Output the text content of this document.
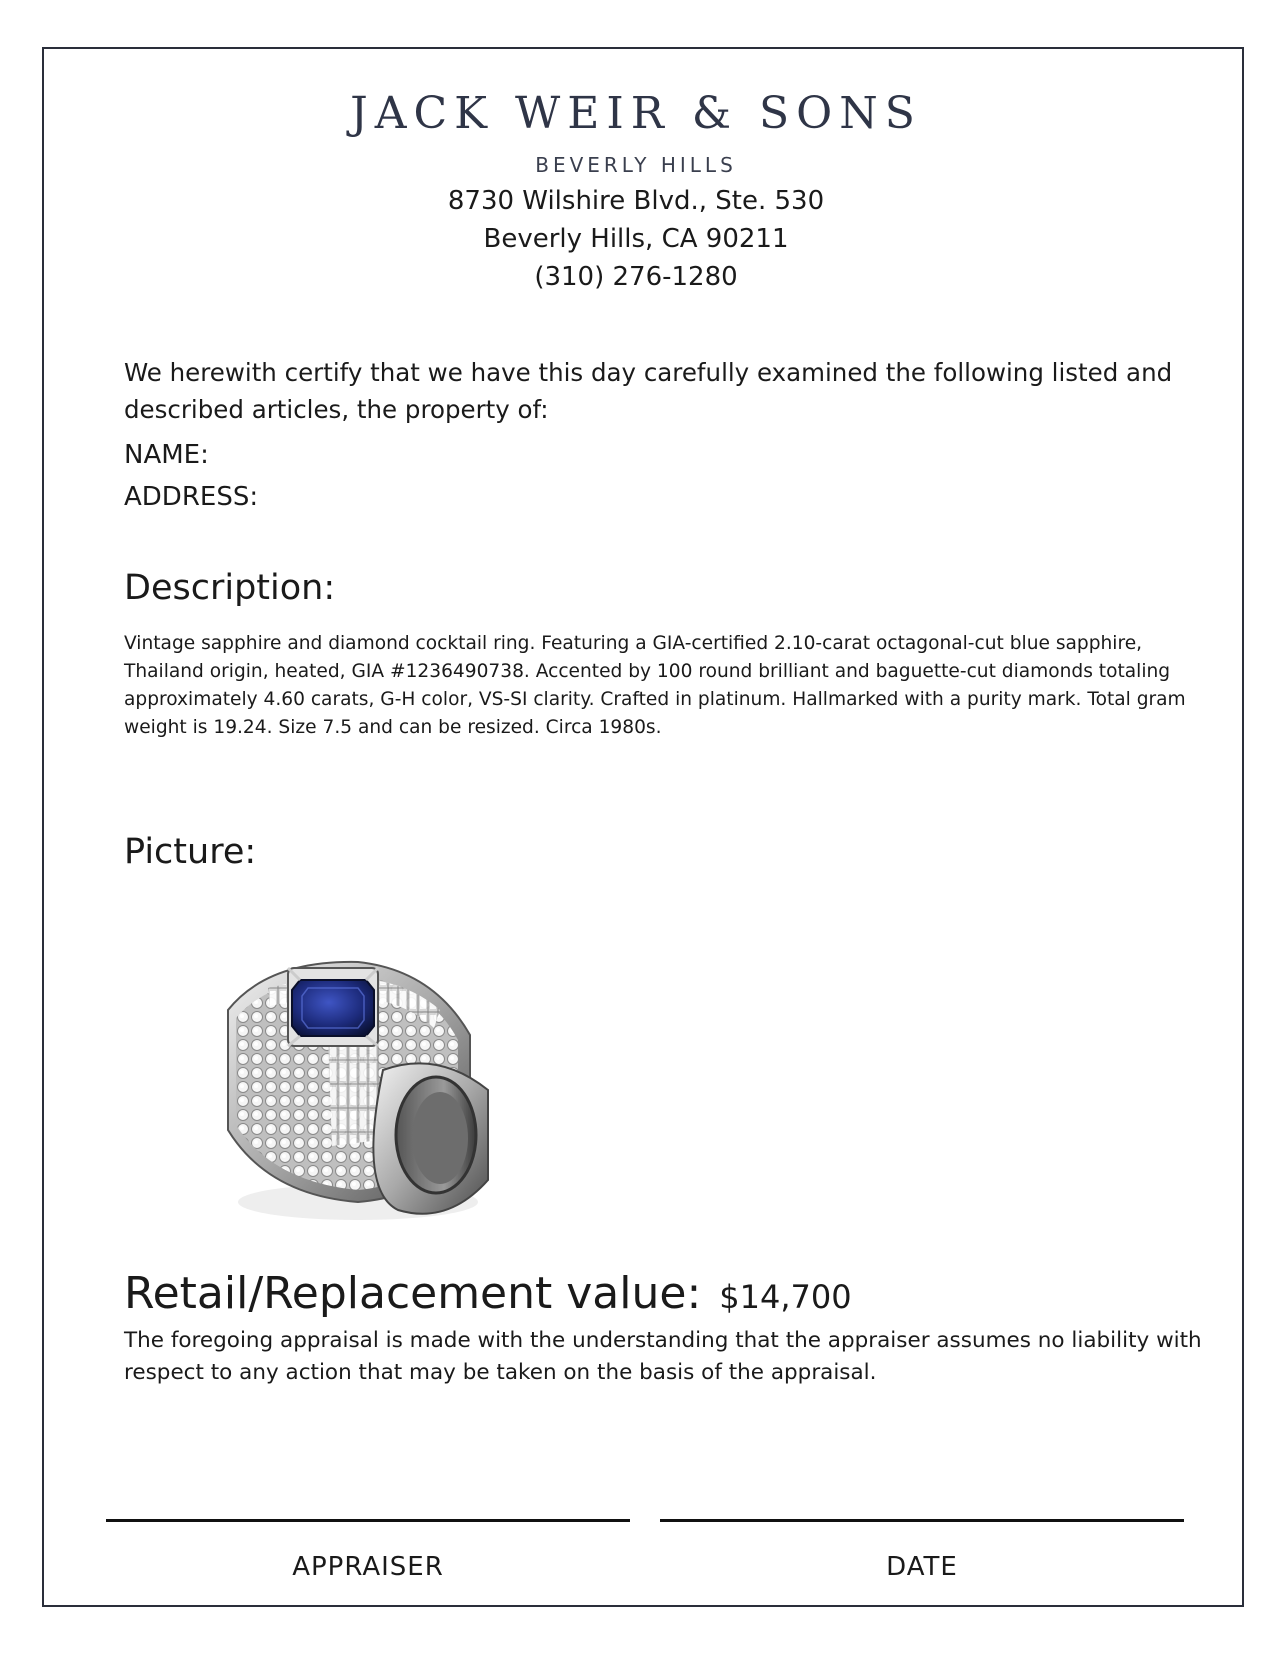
JACK WEIR & SONS
BEVERLY HILLS
8730 Wilshire Blvd., Ste. 530
Beverly Hills, CA 90211
(310) 276-1280
We herewith certify that we have this day carefully examined the following listed and described articles, the property of:
NAME:
ADDRESS:
Description:
Vintage sapphire and diamond cocktail ring. Featuring a GIA-certified 2.10-carat octagonal-cut blue sapphire, Thailand origin, heated, GIA #1236490738. Accented by 100 round brilliant and baguette-cut diamonds totaling approximately 4.60 carats, G-H color, VS-SI clarity. Crafted in platinum. Hallmarked with a purity mark. Total gram weight is 19.24. Size 7.5 and can be resized. Circa 1980s.
Picture:
Retail/Replacement value: $14,700
The foregoing appraisal is made with the understanding that the appraiser assumes no liability with respect to any action that may be taken on the basis of the appraisal.
APPRAISER	DATE
